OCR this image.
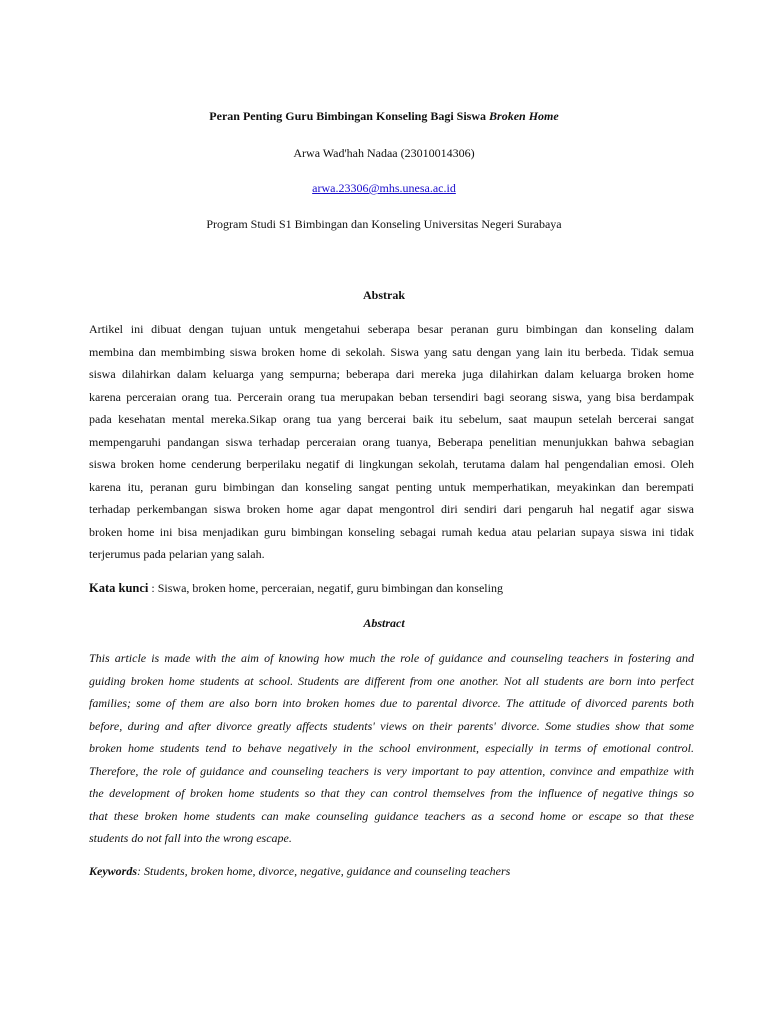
Peran Penting Guru Bimbingan Konseling Bagi Siswa Broken Home

Arwa Wad'hah Nadaa (23010014306)

arwa.23306@mhs.unesa.ac.id

Program Studi S1 Bimbingan dan Konseling Universitas Negeri Surabaya

Abstrak

Artikel ini dibuat dengan tujuan untuk mengetahui seberapa besar peranan guru bimbingan dan konseling dalam
membina dan membimbing siswa broken home di sekolah. Siswa yang satu dengan yang lain itu berbeda. Tidak semua
siswa dilahirkan dalam keluarga yang sempurna; beberapa dari mereka juga dilahirkan dalam keluarga broken home
karena perceraian orang tua. Percerain orang tua merupakan beban tersendiri bagi seorang siswa, yang bisa berdampak
pada kesehatan mental mereka.Sikap orang tua yang bercerai baik itu sebelum, saat maupun setelah bercerai sangat
mempengaruhi pandangan siswa terhadap perceraian orang tuanya, Beberapa penelitian menunjukkan bahwa sebagian
siswa broken home cenderung berperilaku negatif di lingkungan sekolah, terutama dalam hal pengendalian emosi. Oleh
karena itu, peranan guru bimbingan dan konseling sangat penting untuk memperhatikan, meyakinkan dan berempati
terhadap perkembangan siswa broken home agar dapat mengontrol diri sendiri dari pengaruh hal negatif agar siswa
broken home ini bisa menjadikan guru bimbingan konseling sebagai rumah kedua atau pelarian supaya siswa ini tidak
terjerumus pada pelarian yang salah.

Kata kunci : Siswa, broken home, perceraian, negatif, guru bimbingan dan konseling

Abstract

This article is made with the aim of knowing how much the role of guidance and counseling teachers in fostering and
guiding broken home students at school. Students are different from one another. Not all students are born into perfect
families; some of them are also born into broken homes due to parental divorce. The attitude of divorced parents both
before, during and after divorce greatly affects students' views on their parents' divorce. Some studies show that some
broken home students tend to behave negatively in the school environment, especially in terms of emotional control.
Therefore, the role of guidance and counseling teachers is very important to pay attention, convince and empathize with
the development of broken home students so that they can control themselves from the influence of negative things so
that these broken home students can make counseling guidance teachers as a second home or escape so that these
students do not fall into the wrong escape.

Keywords: Students, broken home, divorce, negative, guidance and counseling teachers
